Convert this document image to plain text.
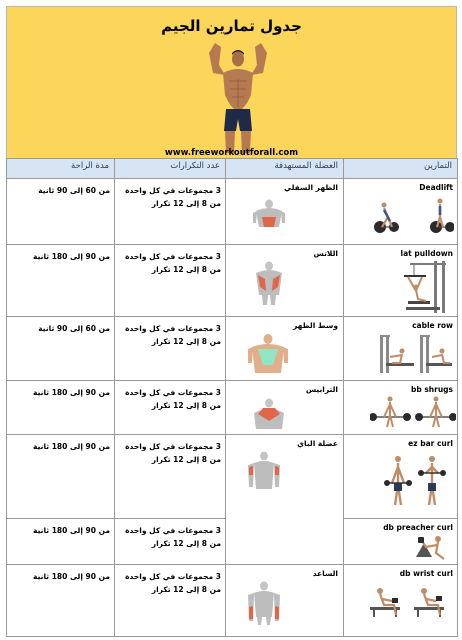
جدول تمارين الجيم
www.freeworkoutforall.com
مدة الراحة	عدد التكرارات	العضلة المستهدفة	التمارين

من 60 إلى 90 ثانية	3 مجموعات في كل واحدة من 8 إلى 12 تكرار	الظهر السفلي	Deadlift

من 90 إلى 180 ثانية	3 مجموعات في كل واحدة من 8 إلى 12 تكرار	اللاتس	lat pulldown

من 60 إلى 90 ثانية	3 مجموعات في كل واحدة من 8 إلى 12 تكرار	وسط الظهر	cable row

من 90 إلى 180 ثانية	3 مجموعات في كل واحدة من 8 إلى 12 تكرار	الترابيس	bb shrugs

من 90 إلى 180 ثانية	3 مجموعات في كل واحدة من 8 إلى 12 تكرار	عضلة الباي	ez bar curl

من 90 إلى 180 ثانية	3 مجموعات في كل واحدة من 8 إلى 12 تكرار		db preacher curl

من 90 إلى 180 ثانية	3 مجموعات في كل واحدة من 8 إلى 12 تكرار	الساعد	db wrist curl
